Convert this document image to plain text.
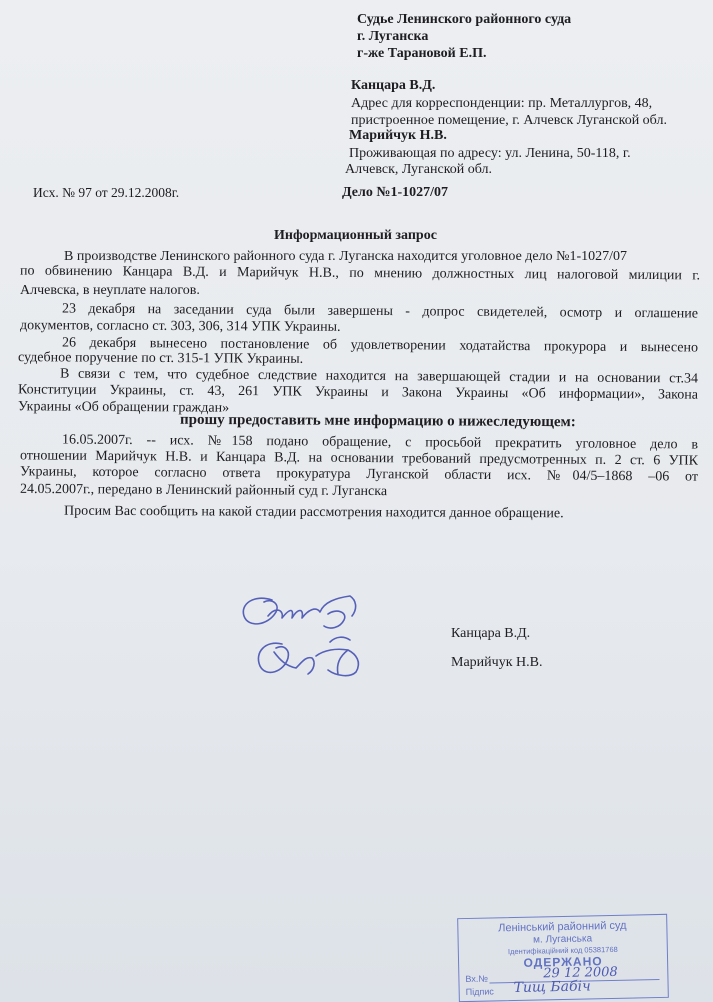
Судье Ленинского районного суда
г. Луганска
г-же Тарановой Е.П.
Канцара В.Д.
Адрес для корреспонденции: пр. Металлургов, 48,
пристроенное помещение, г. Алчевск Луганской обл.
Марийчук Н.В.
Проживающая по адресу: ул. Ленина, 50-118, г.
Алчевск, Луганской обл.
Исх. № 97 от 29.12.2008г.	Дело №1-1027/07
Информационный запрос
В производстве Ленинского районного суда г. Луганска находится уголовное дело №1-1027/07
по обвинению Канцара В.Д. и Марийчук Н.В., по мнению должностных лиц налоговой милиции г.
Алчевска, в неуплате налогов.
23 декабря на заседании суда были завершены - допрос свидетелей, осмотр и оглашение
документов, согласно ст. 303, 306, 314 УПК Украины.
26 декабря вынесено постановление об удовлетворении ходатайства прокурора и вынесено
судебное поручение по ст. 315-1 УПК Украины.
В связи с тем, что судебное следствие находится на завершающей стадии и на основании ст.34
Конституции Украины, ст. 43, 261 УПК Украины и Закона Украины «Об информации», Закона
Украины «Об обращении граждан»
прошу предоставить мне информацию о нижеследующем:
16.05.2007г. -- исх. №158 подано обращение, с просьбой прекратить уголовное дело в
отношении Марийчук Н.В. и Канцара В.Д. на основании требований предусмотренных п. 2 ст. 6 УПК
Украины, которое согласно ответа прокуратура Луганской области исх. №04/5–1868 –06 от
24.05.2007г., передано в Ленинский районный суд г. Луганска
Просим Вас сообщить на какой стадии рассмотрения находится данное обращение.
Канцара В.Д.
Марийчук Н.В.
Ленінський районний суд
м. Луганська
Ідентифікаційний код 05381768
ОДЕРЖАНО
Вх.№	29 12 2008
Підпис Тищ Бабіч
